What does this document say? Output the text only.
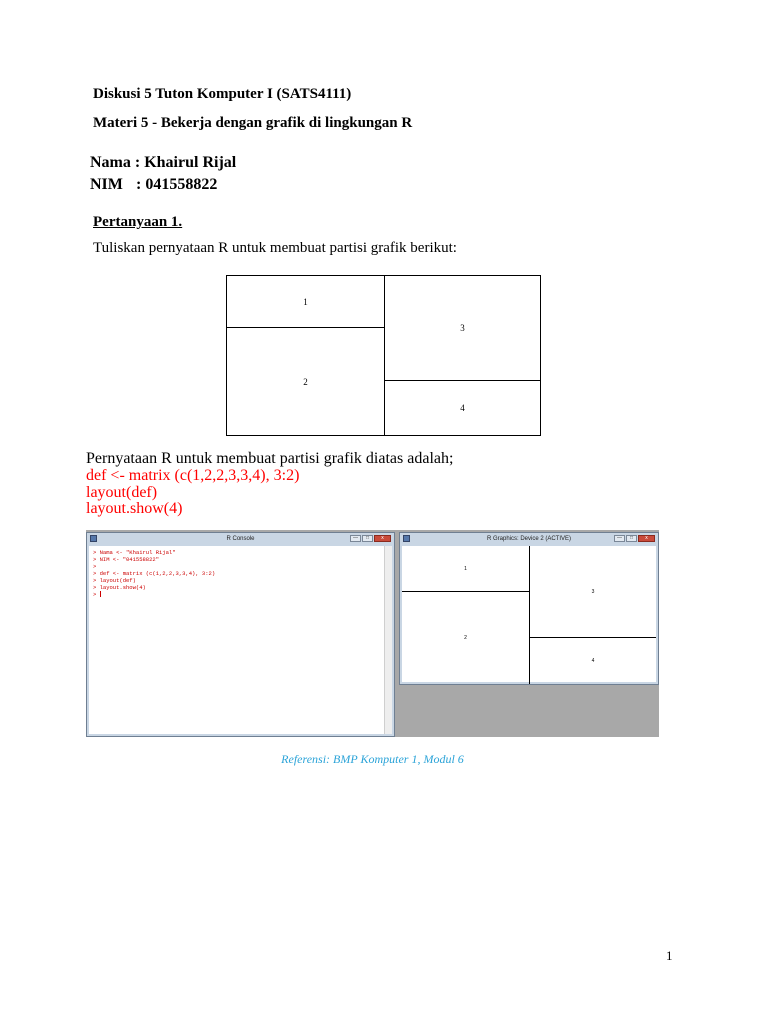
Diskusi 5 Tuton Komputer I (SATS4111)
Materi 5 - Bekerja dengan grafik di lingkungan R
Nama : Khairul Rijal
NIM : 041558822
Pertanyaan 1.
Tuliskan pernyataan R untuk membuat partisi grafik berikut:
1
2
3
4
Pernyataan R untuk membuat partisi grafik diatas adalah;
def <- matrix (c(1,2,2,3,3,4), 3:2)
layout(def)
layout.show(4)
R Console	—	□	x
> Nama <- "Khairul Rijal"
> NIM <- "041558822"
>
> def <- matrix (c(1,2,2,3,3,4), 3:2)
> layout(def)
> layout.show(4)
>
R Graphics: Device 2 (ACTIVE)	—	□	x
1
2
3
4
Referensi: BMP Komputer 1, Modul 6
1
